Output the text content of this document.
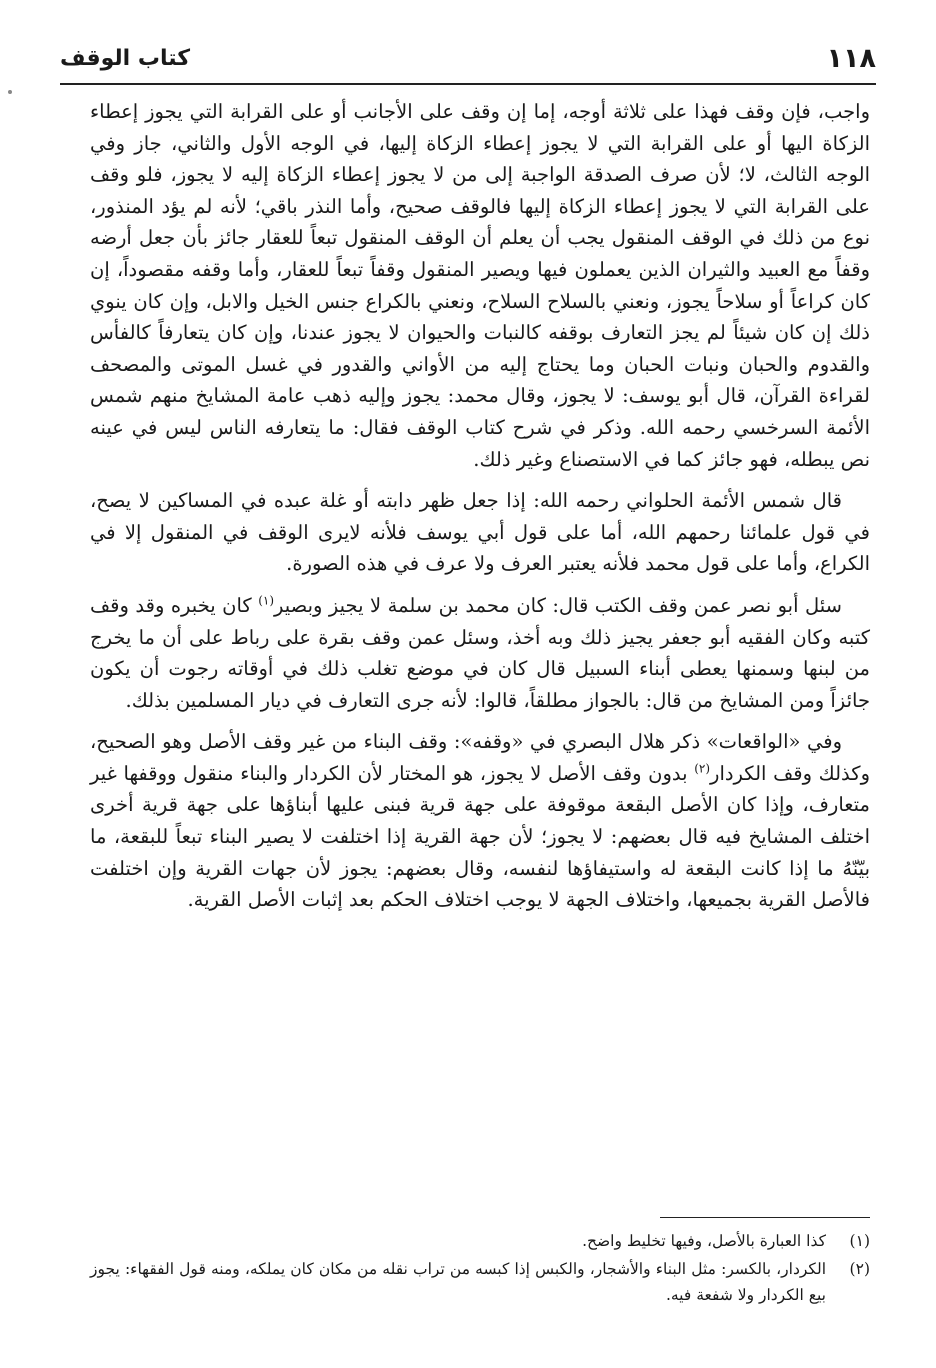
١١٨
كتاب الوقف

واجب، فإن وقف فهذا على ثلاثة أوجه، إما إن وقف على الأجانب أو على القرابة التي يجوز إعطاء الزكاة اليها أو على القرابة التي لا يجوز إعطاء الزكاة إليها، في الوجه الأول والثاني، جاز وفي الوجه الثالث، لا؛ لأن صرف الصدقة الواجبة إلى من لا يجوز إعطاء الزكاة إليه لا يجوز، فلو وقف على القرابة التي لا يجوز إعطاء الزكاة إليها فالوقف صحيح، وأما النذر باقي؛ لأنه لم يؤد المنذور، نوع من ذلك في الوقف المنقول يجب أن يعلم أن الوقف المنقول تبعاً للعقار جائز بأن جعل أرضه وقفاً مع العبيد والثيران الذين يعملون فيها ويصير المنقول وقفاً تبعاً للعقار، وأما وقفه مقصوداً، إن كان كراعاً أو سلاحاً يجوز، ونعني بالسلاح السلاح، ونعني بالكراع جنس الخيل والابل، وإن كان ينوي ذلك إن كان شيئاً لم يجز التعارف بوقفه كالنبات والحيوان لا يجوز عندنا، وإن كان يتعارفاً كالفأس والقدوم والحبان ونبات الحبان وما يحتاج إليه من الأواني والقدور في غسل الموتى والمصحف لقراءة القرآن، قال أبو يوسف: لا يجوز، وقال محمد: يجوز وإليه ذهب عامة المشايخ منهم شمس الأئمة السرخسي رحمه الله. وذكر في شرح كتاب الوقف فقال: ما يتعارفه الناس ليس في عينه نص يبطله، فهو جائز كما في الاستصناع وغير ذلك.

قال شمس الأئمة الحلواني رحمه الله: إذا جعل ظهر دابته أو غلة عبده في المساكين لا يصح، في قول علمائنا رحمهم الله، أما على قول أبي يوسف فلأنه لايرى الوقف في المنقول إلا في الكراع، وأما على قول محمد فلأنه يعتبر العرف ولا عرف في هذه الصورة.

سئل أبو نصر عمن وقف الكتب قال: كان محمد بن سلمة لا يجيز وبصير$^{(١)}$ كان يخبره وقد وقف كتبه وكان الفقيه أبو جعفر يجيز ذلك وبه أخذ، وسئل عمن وقف بقرة على رباط على أن ما يخرج من لبنها وسمنها يعطى أبناء السبيل قال كان في موضع تغلب ذلك في أوقاته رجوت أن يكون جائزاً ومن المشايخ من قال: بالجواز مطلقاً، قالوا: لأنه جرى التعارف في ديار المسلمين بذلك.

وفي «الواقعات» ذكر هلال البصري في «وقفه»: وقف البناء من غير وقف الأصل وهو الصحيح، وكذلك وقف الكردار$^{(٢)}$ بدون وقف الأصل لا يجوز، هو المختار لأن الكردار والبناء منقول ووقفها غير متعارف، وإذا كان الأصل البقعة موقوفة على جهة قرية فبنى عليها أبناؤها على جهة قرية أخرى اختلف المشايخ فيه قال بعضهم: لا يجوز؛ لأن جهة القرية إذا اختلفت لا يصير البناء تبعاً للبقعة، ما بيّنّهُ ما إذا كانت البقعة له واستيفاؤها لنفسه، وقال بعضهم: يجوز لأن جهات القرية وإن اختلفت فالأصل القرية بجميعها، واختلاف الجهة لا يوجب اختلاف الحكم بعد إثبات الأصل القرية.

(١)
كذا العبارة بالأصل، وفيها تخليط واضح.
(٢)
الكردار، بالكسر: مثل البناء والأشجار، والكبس إذا كبسه من تراب نقله من مكان كان يملكه، ومنه قول الفقهاء: يجوز بيع الكردار ولا شفعة فيه.
